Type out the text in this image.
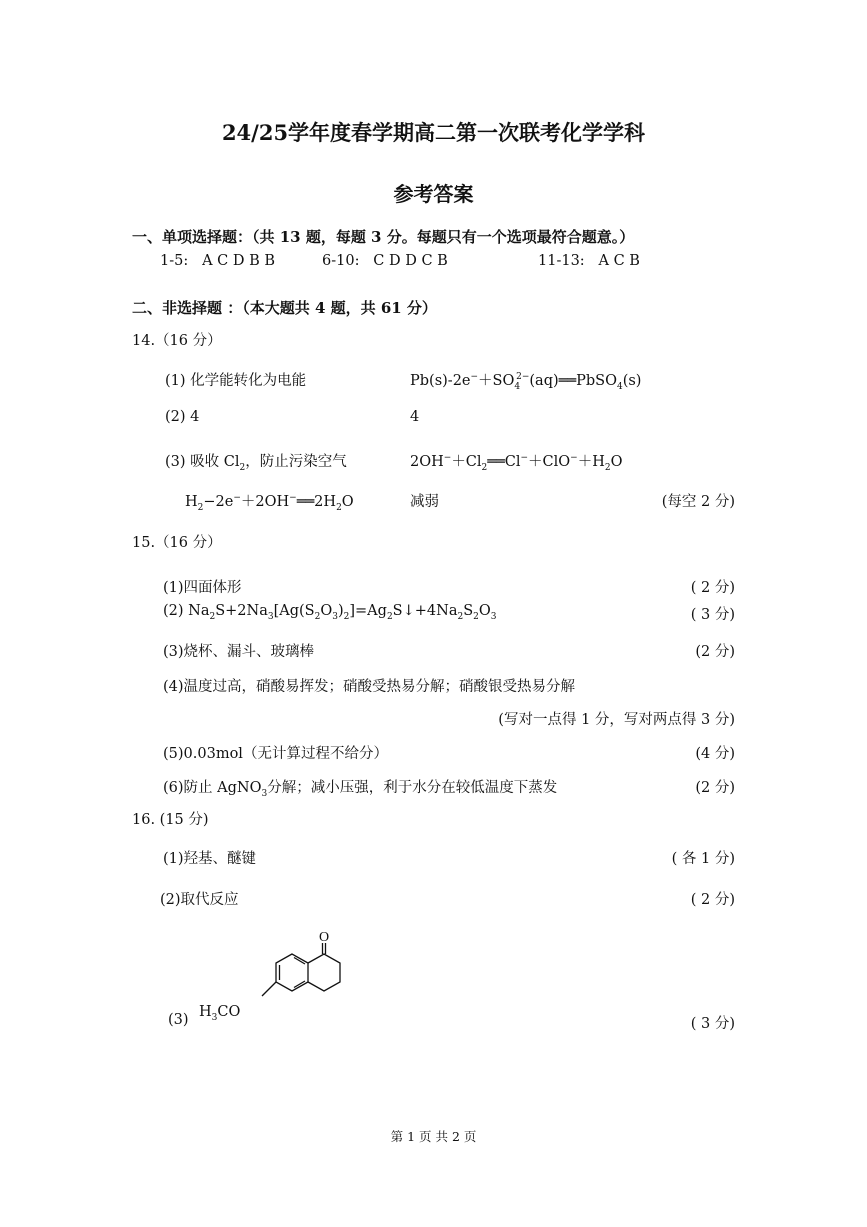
24/25学年度春学期高二第一次联考化学学科
参考答案
一、单项选择题：（共 13 题，每题 3 分。每题只有一个选项最符合题意。）
1-5: A C D B B	6-10: C D D C B	11-13: A C B
二、非选择题 ：（本大题共 4 题，共 61 分）
14.（16 分）
(1) 化学能转化为电能	$Pb(s)-2e^-+SO_4^{2-}(aq)══PbSO_4(s)$
(2) 4	4
(3) 吸收 $Cl_2$，防止污染空气	$2OH^-+Cl_2══Cl^-+ClO^-+H_2O$
$H_2-2e^-+2OH^-══2H_2O$	减弱	(每空 2 分)
15.（16 分）
(1)四面体形	( 2 分)
(2) $Na_2S+2Na_3[Ag(S_2O_3)_2]=Ag_2S↓+4Na_2S_2O_3$	( 3 分)
(3)烧杯、漏斗、玻璃棒	(2 分)
(4)温度过高，硝酸易挥发；硝酸受热易分解；硝酸银受热易分解
(写对一点得 1 分，写对两点得 3 分)
(5)0.03mol（无计算过程不给分）	(4 分)
(6)防止 AgNO$_3$分解；减小压强，利于水分在较低温度下蒸发	(2 分)
16. (15 分)
(1)羟基、醚键	( 各 1 分)
(2)取代反应	( 2 分)
(3)	( 3 分)
O
$H_3CO$
第 1 页 共 2 页
